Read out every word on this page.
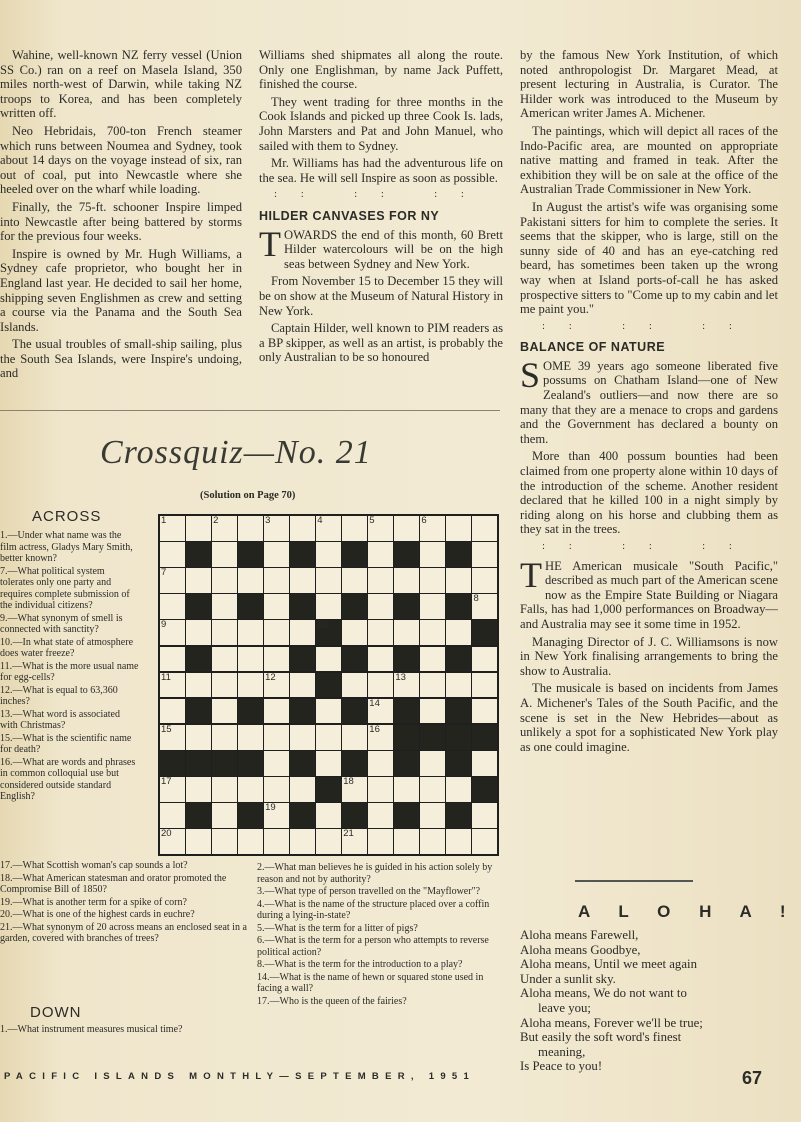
Wahine, well-known NZ ferry vessel (Union SS Co.) ran on a reef on Masela Island, 350 miles north-west of Darwin, while taking NZ troops to Korea, and has been completely written off.

Neo Hebridais, 700-ton French steamer which runs between Noumea and Sydney, took about 14 days on the voyage instead of six, ran out of coal, put into Newcastle where she heeled over on the wharf while loading.

Finally, the 75-ft. schooner Inspire limped into Newcastle after being battered by storms for the previous four weeks.

Inspire is owned by Mr. Hugh Williams, a Sydney cafe proprietor, who bought her in England last year. He decided to sail her home, shipping seven Englishmen as crew and setting a course via the Panama and the South Sea Islands.

The usual troubles of small-ship sailing, plus the South Sea Islands, were Inspire's undoing, and

Williams shed shipmates all along the route. Only one Englishman, by name Jack Puffett, finished the course.

They went trading for three months in the Cook Islands and picked up three Cook Is. lads, John Marsters and Pat and John Manuel, who sailed with them to Sydney.

Mr. Williams has had the adventurous life on the sea. He will sell Inspire as soon as possible.

:: :: ::
HILDER CANVASES FOR NY

TOWARDS the end of this month, 60 Brett Hilder watercolours will be on the high seas between Sydney and New York.

From November 15 to December 15 they will be on show at the Museum of Natural History in New York.

Captain Hilder, well known to PIM readers as a BP skipper, as well as an artist, is probably the only Australian to be so honoured

by the famous New York Institution, of which noted anthropologist Dr. Margaret Mead, at present lecturing in Australia, is Curator. The Hilder work was introduced to the Museum by American writer James A. Michener.

The paintings, which will depict all races of the Indo-Pacific area, are mounted on appropriate native matting and framed in teak. After the exhibition they will be on sale at the office of the Australian Trade Commissioner in New York.

In August the artist's wife was organising some Pakistani sitters for him to complete the series. It seems that the skipper, who is large, still on the sunny side of 40 and has an eye-catching red beard, has sometimes been taken up the wrong way when at Island ports-of-call he has asked prospective sitters to "Come up to my cabin and let me paint you."

:: :: ::
BALANCE OF NATURE

SOME 39 years ago someone liberated five possums on Chatham Island—one of New Zealand's outliers—and now there are so many that they are a menace to crops and gardens and the Government has declared a bounty on them.

More than 400 possum bounties had been claimed from one property alone within 10 days of the introduction of the scheme. Another resident declared that he killed 100 in a night simply by riding along on his horse and clubbing them as they sat in the trees.

:: :: ::

THE American musicale "South Pacific," described as much part of the American scene now as the Empire State Building or Niagara Falls, has had 1,000 performances on Broadway—and Australia may see it some time in 1952.

Managing Director of J. C. Williamsons is now in New York finalising arrangements to bring the show to Australia.

The musicale is based on incidents from James A. Michener's Tales of the South Pacific, and the scene is set in the New Hebrides—about as unlikely a spot for a sophisticated New York play as one could imagine.

Crossquiz—No. 21
(Solution on Page 70)
ACROSS

1.—Under what name was the film actress, Gladys Mary Smith, better known?

7.—What political system tolerates only one party and requires complete submission of the individual citizens?

9.—What synonym of smell is connected with sanctity?

10.—In what state of atmosphere does water freeze?

11.—What is the more usual name for egg-cells?

12.—What is equal to 63,360 inches?

13.—What word is associated with Christmas?

15.—What is the scientific name for death?

16.—What are words and phrases in common colloquial use but considered outside standard English?

17.—What Scottish woman's cap sounds a lot?

18.—What American statesman and orator promoted the Compromise Bill of 1850?

19.—What is another term for a spike of corn?

20.—What is one of the highest cards in euchre?

21.—What synonym of 20 across means an enclosed seat in a garden, covered with branches of trees?

DOWN

1.—What instrument measures musical time?

2.—What man believes he is guided in his action solely by reason and not by authority?

3.—What type of person travelled on the "Mayflower"?

4.—What is the name of the structure placed over a coffin during a lying-in-state?

5.—What is the term for a litter of pigs?

6.—What is the term for a person who attempts to reverse political action?

8.—What is the term for the introduction to a play?

14.—What is the name of hewn or squared stone used in facing a wall?

17.—Who is the queen of the fairies?

1	2	3	4	5	6
7
8
9	10
11	12	13
14
15	16
17	18
19
20	21
A L O H A !
Aloha means Farewell,
Aloha means Goodbye,
Aloha means, Until we meet again
Under a sunlit sky.
Aloha means, We do not want to
leave you;
Aloha means, Forever we'll be true;
But easily the soft word's finest
meaning,
Is Peace to you!
PACIFIC ISLANDS MONTHLY—SEPTEMBER, 1951	67
